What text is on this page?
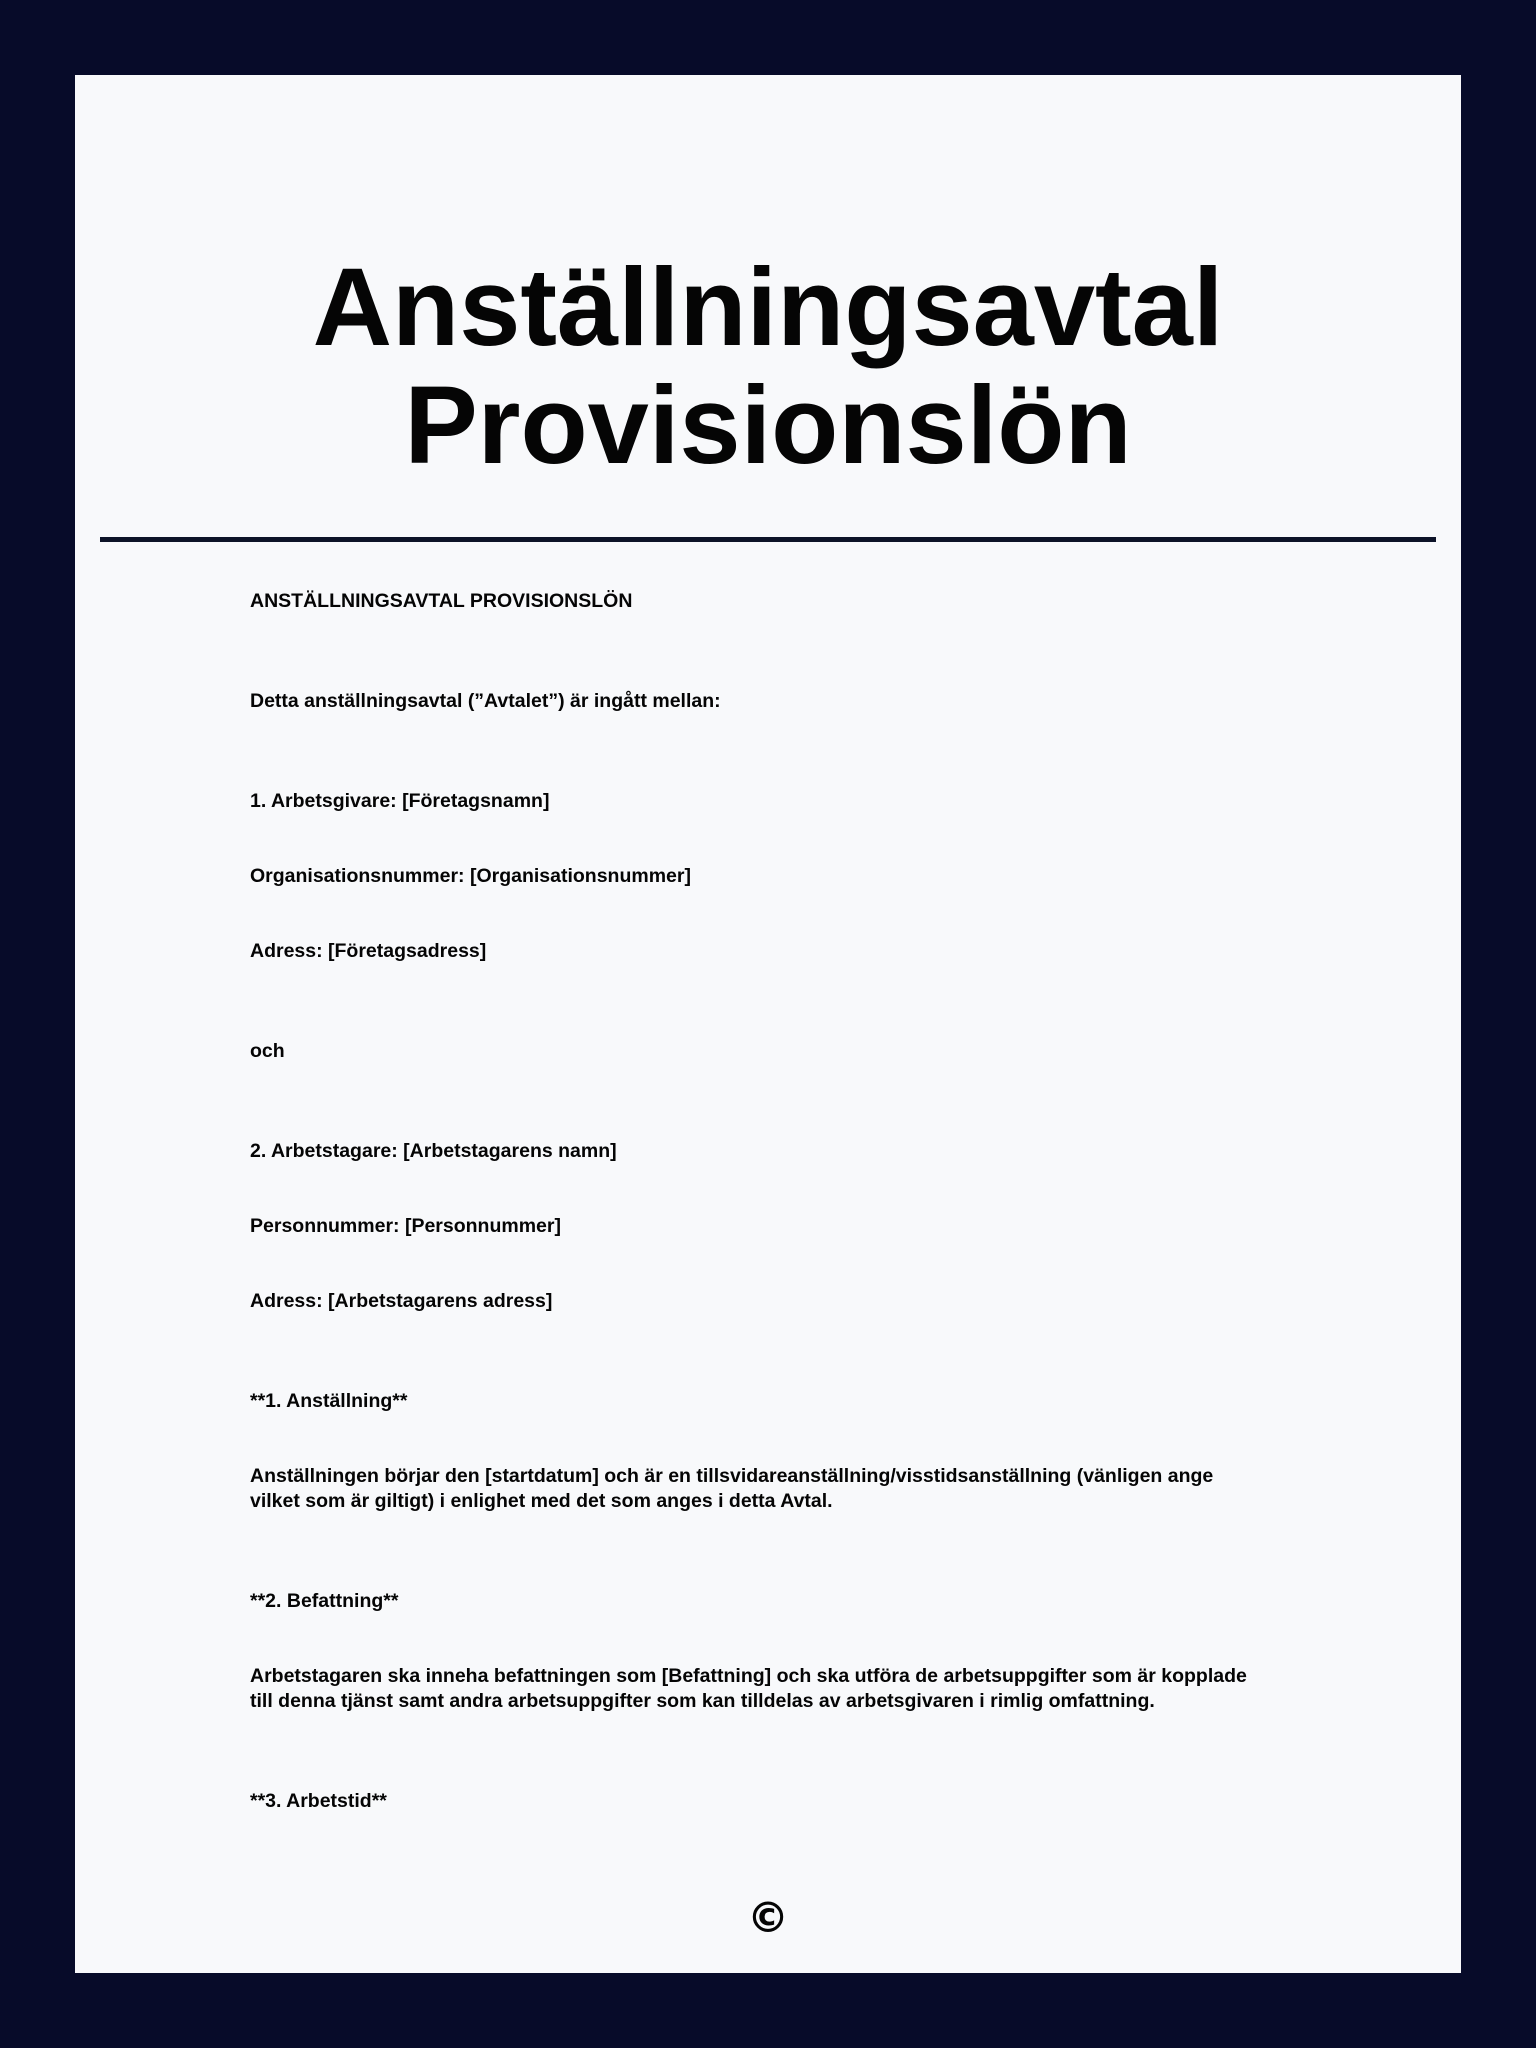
Anställningsavtal
Provisionslön

ANSTÄLLNINGSAVTAL PROVISIONSLÖN

Detta anställningsavtal (”Avtalet”) är ingått mellan:

1. Arbetsgivare: [Företagsnamn]

Organisationsnummer: [Organisationsnummer]

Adress: [Företagsadress]

och

2. Arbetstagare: [Arbetstagarens namn]

Personnummer: [Personnummer]

Adress: [Arbetstagarens adress]

**1. Anställning**

Anställningen börjar den [startdatum] och är en tillsvidareanställning/visstidsanställning (vänligen ange
vilket som är giltigt) i enlighet med det som anges i detta Avtal.

**2. Befattning**

Arbetstagaren ska inneha befattningen som [Befattning] och ska utföra de arbetsuppgifter som är kopplade
till denna tjänst samt andra arbetsuppgifter som kan tilldelas av arbetsgivaren i rimlig omfattning.

**3. Arbetstid**

©
